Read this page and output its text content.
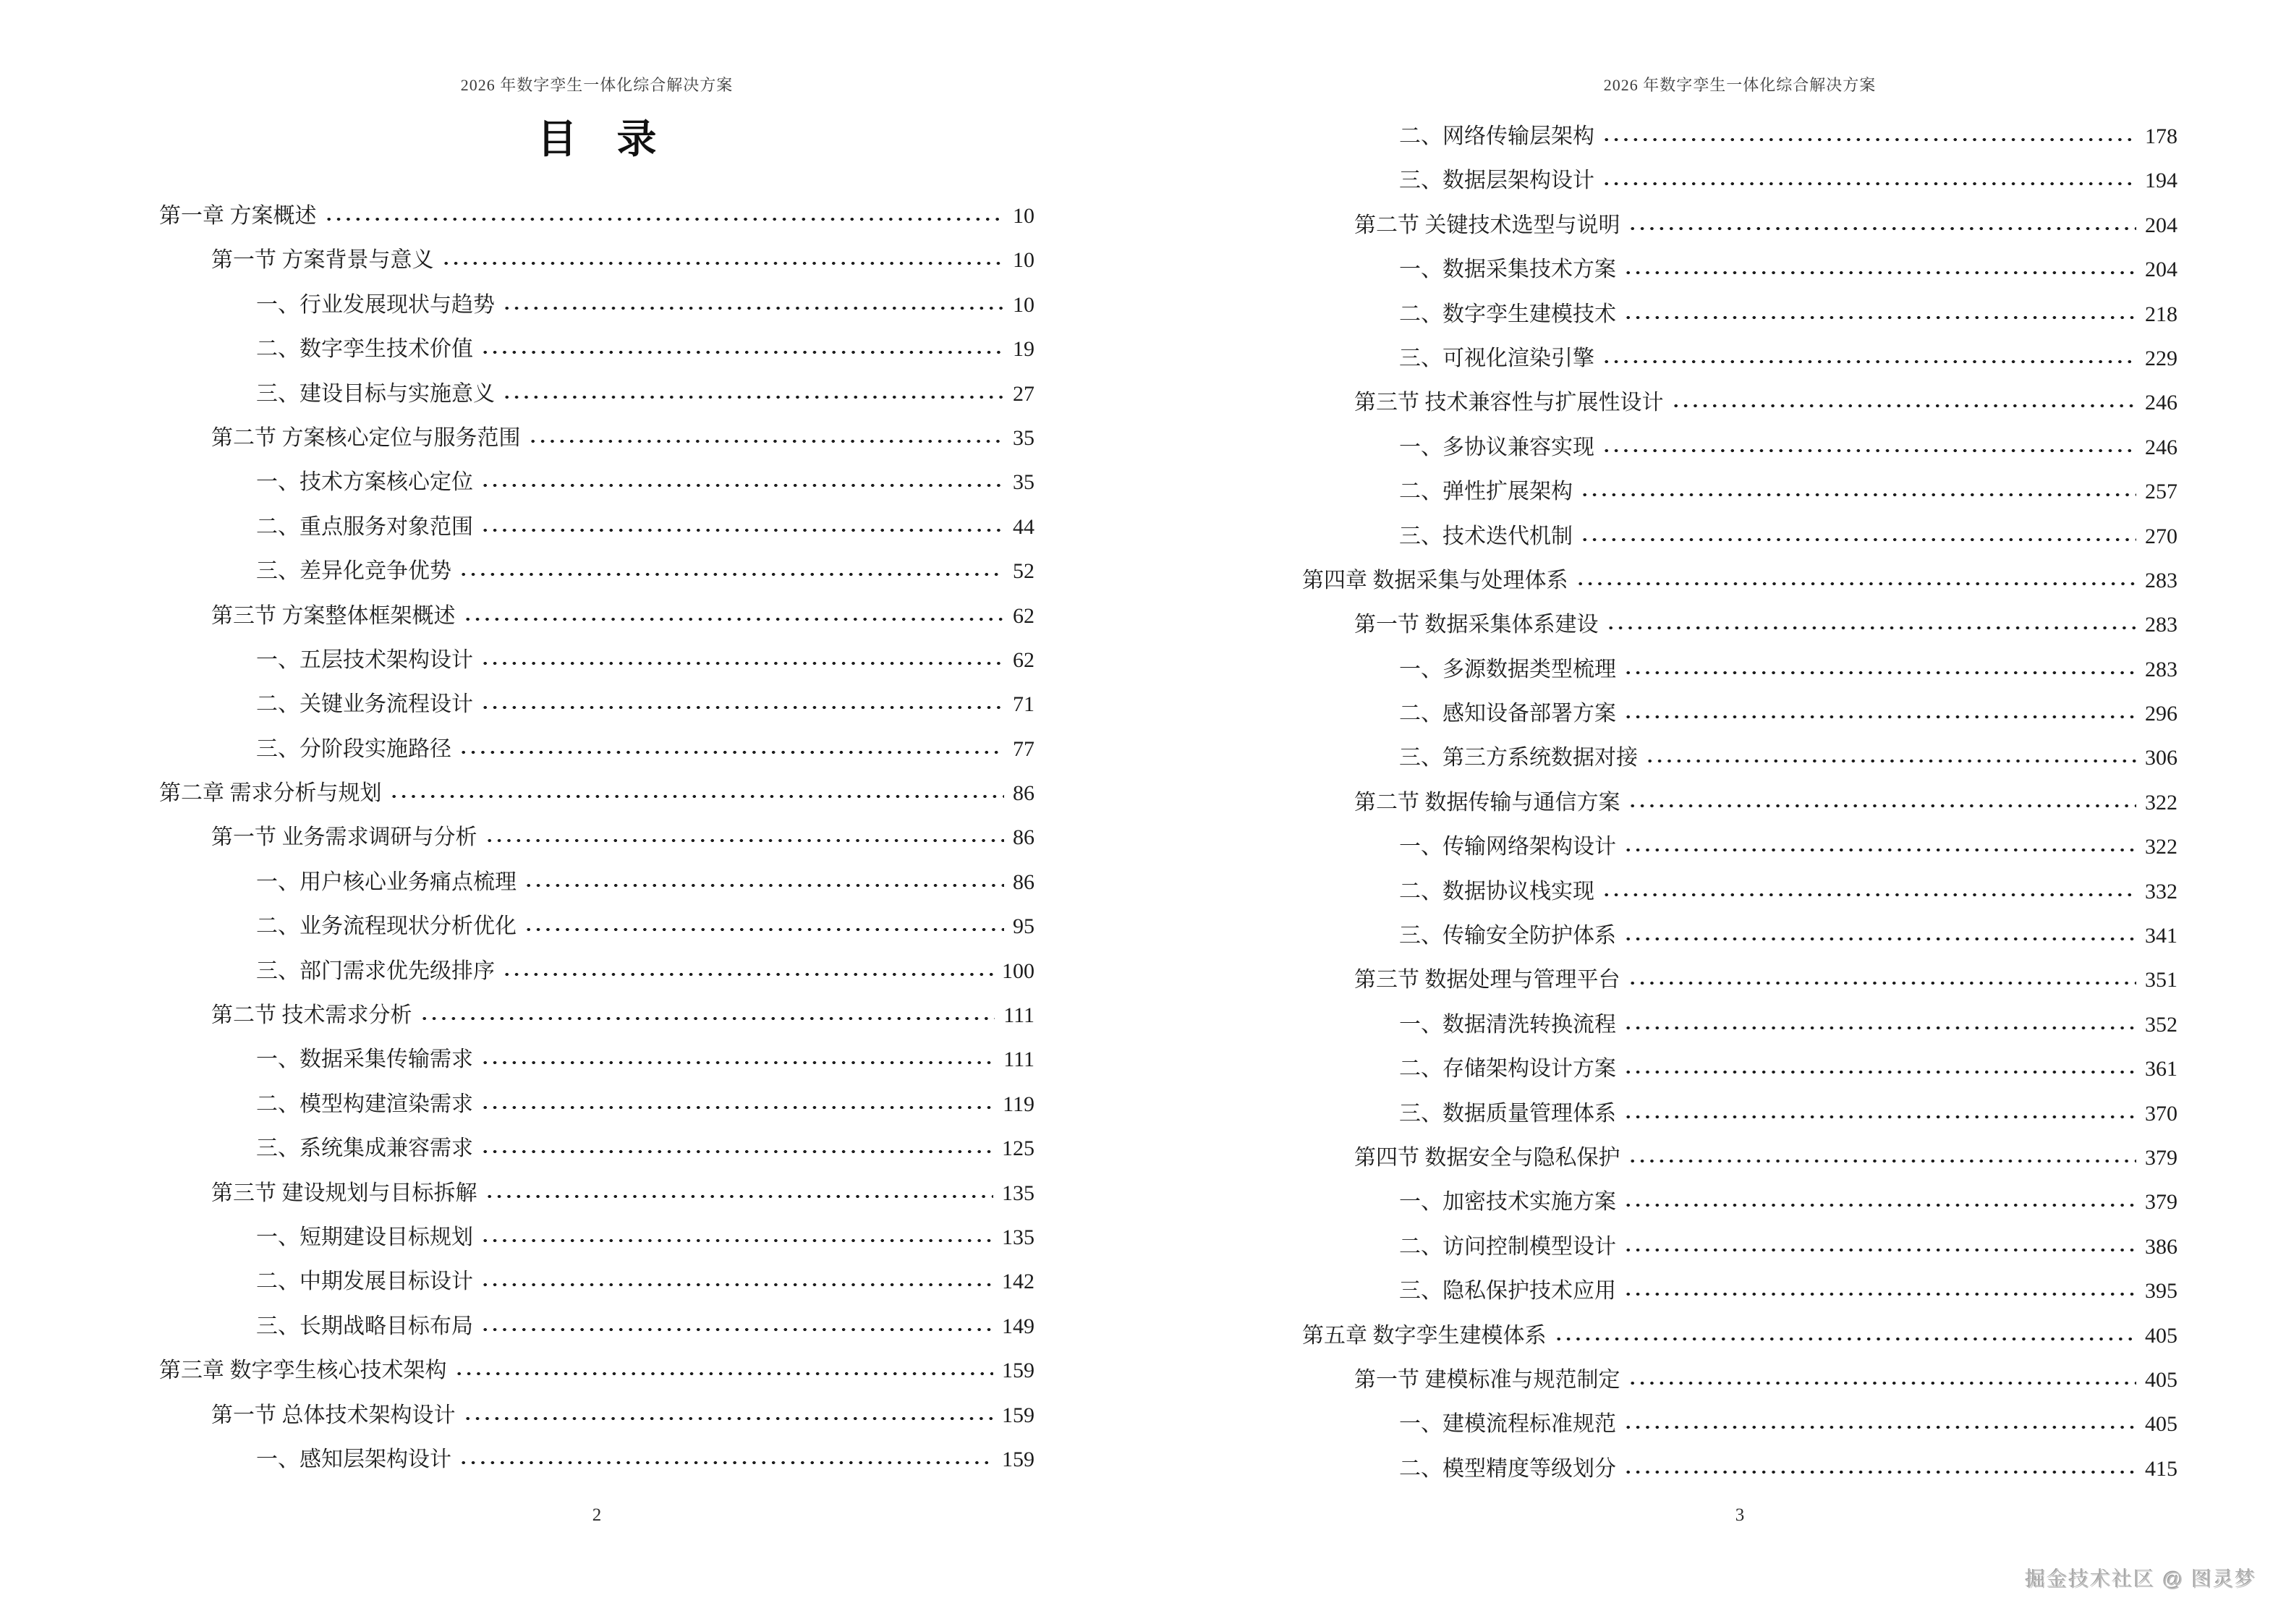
2026 年数字孪生一体化综合解决方案
目　录
第一章 方案概述	10
第一节 方案背景与意义	10
一、行业发展现状与趋势	10
二、数字孪生技术价值	19
三、建设目标与实施意义	27
第二节 方案核心定位与服务范围	35
一、技术方案核心定位	35
二、重点服务对象范围	44
三、差异化竞争优势	52
第三节 方案整体框架概述	62
一、五层技术架构设计	62
二、关键业务流程设计	71
三、分阶段实施路径	77
第二章 需求分析与规划	86
第一节 业务需求调研与分析	86
一、用户核心业务痛点梳理	86
二、业务流程现状分析优化	95
三、部门需求优先级排序	100
第二节 技术需求分析	111
一、数据采集传输需求	111
二、模型构建渲染需求	119
三、系统集成兼容需求	125
第三节 建设规划与目标拆解	135
一、短期建设目标规划	135
二、中期发展目标设计	142
三、长期战略目标布局	149
第三章 数字孪生核心技术架构	159
第一节 总体技术架构设计	159
一、感知层架构设计	159
2
2026 年数字孪生一体化综合解决方案
二、网络传输层架构	178
三、数据层架构设计	194
第二节 关键技术选型与说明	204
一、数据采集技术方案	204
二、数字孪生建模技术	218
三、可视化渲染引擎	229
第三节 技术兼容性与扩展性设计	246
一、多协议兼容实现	246
二、弹性扩展架构	257
三、技术迭代机制	270
第四章 数据采集与处理体系	283
第一节 数据采集体系建设	283
一、多源数据类型梳理	283
二、感知设备部署方案	296
三、第三方系统数据对接	306
第二节 数据传输与通信方案	322
一、传输网络架构设计	322
二、数据协议栈实现	332
三、传输安全防护体系	341
第三节 数据处理与管理平台	351
一、数据清洗转换流程	352
二、存储架构设计方案	361
三、数据质量管理体系	370
第四节 数据安全与隐私保护	379
一、加密技术实施方案	379
二、访问控制模型设计	386
三、隐私保护技术应用	395
第五章 数字孪生建模体系	405
第一节 建模标准与规范制定	405
一、建模流程标准规范	405
二、模型精度等级划分	415
3
掘金技术社区 @ 图灵梦
